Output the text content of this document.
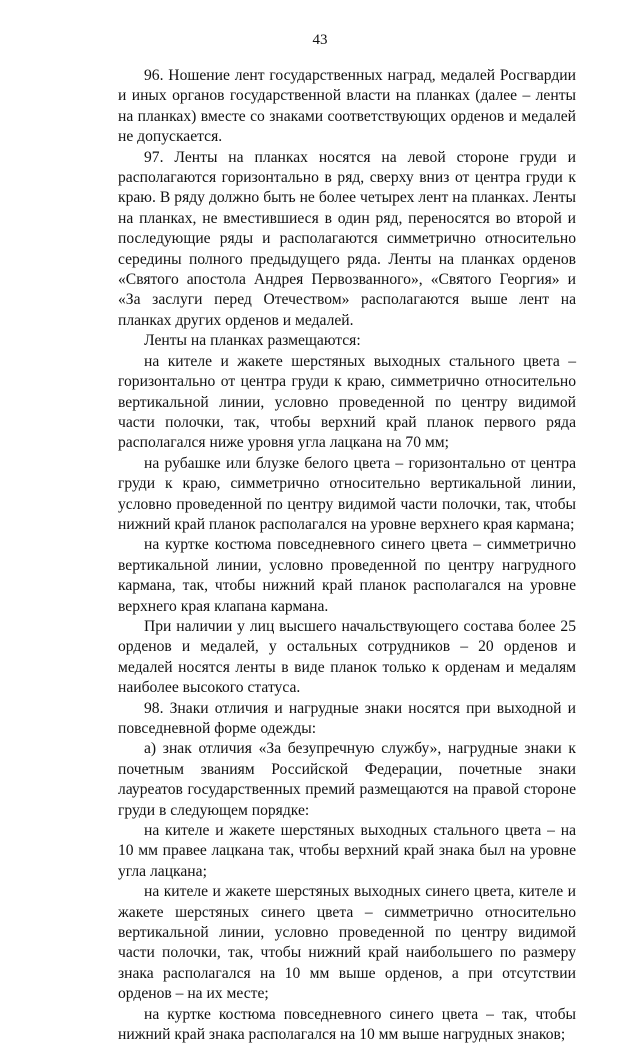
43

96. Ношение лент государственных наград, медалей Росгвардии и иных органов государственной власти на планках (далее – ленты на планках) вместе со знаками соответствующих орденов и медалей не допускается.

97. Ленты на планках носятся на левой стороне груди и располагаются горизонтально в ряд, сверху вниз от центра груди к краю. В ряду должно быть не более четырех лент на планках. Ленты на планках, не вместившиеся в один ряд, переносятся во второй и последующие ряды и располагаются симметрично относительно середины полного предыдущего ряда. Ленты на планках орденов «Святого апостола Андрея Первозванного», «Святого Георгия» и «За заслуги перед Отечеством» располагаются выше лент на планках других орденов и медалей.

Ленты на планках размещаются:

на кителе и жакете шерстяных выходных стального цвета – горизонтально от центра груди к краю, симметрично относительно вертикальной линии, условно проведенной по центру видимой части полочки, так, чтобы верхний край планок первого ряда располагался ниже уровня угла лацкана на 70 мм;

на рубашке или блузке белого цвета – горизонтально от центра груди к краю, симметрично относительно вертикальной линии, условно проведенной по центру видимой части полочки, так, чтобы нижний край планок располагался на уровне верхнего края кармана;

на куртке костюма повседневного синего цвета – симметрично вертикальной линии, условно проведенной по центру нагрудного кармана, так, чтобы нижний край планок располагался на уровне верхнего края клапана кармана.

При наличии у лиц высшего начальствующего состава более 25 орденов и медалей, у остальных сотрудников – 20 орденов и медалей носятся ленты в виде планок только к орденам и медалям наиболее высокого статуса.

98. Знаки отличия и нагрудные знаки носятся при выходной и повседневной форме одежды:

а) знак отличия «За безупречную службу», нагрудные знаки к почетным званиям Российской Федерации, почетные знаки лауреатов государственных премий размещаются на правой стороне груди в следующем порядке:

на кителе и жакете шерстяных выходных стального цвета – на 10 мм правее лацкана так, чтобы верхний край знака был на уровне угла лацкана;

на кителе и жакете шерстяных выходных синего цвета, кителе и жакете шерстяных синего цвета – симметрично относительно вертикальной линии, условно проведенной по центру видимой части полочки, так, чтобы нижний край наибольшего по размеру знака располагался на 10 мм выше орденов, а при отсутствии орденов – на их месте;

на куртке костюма повседневного синего цвета – так, чтобы нижний край знака располагался на 10 мм выше нагрудных знаков;
